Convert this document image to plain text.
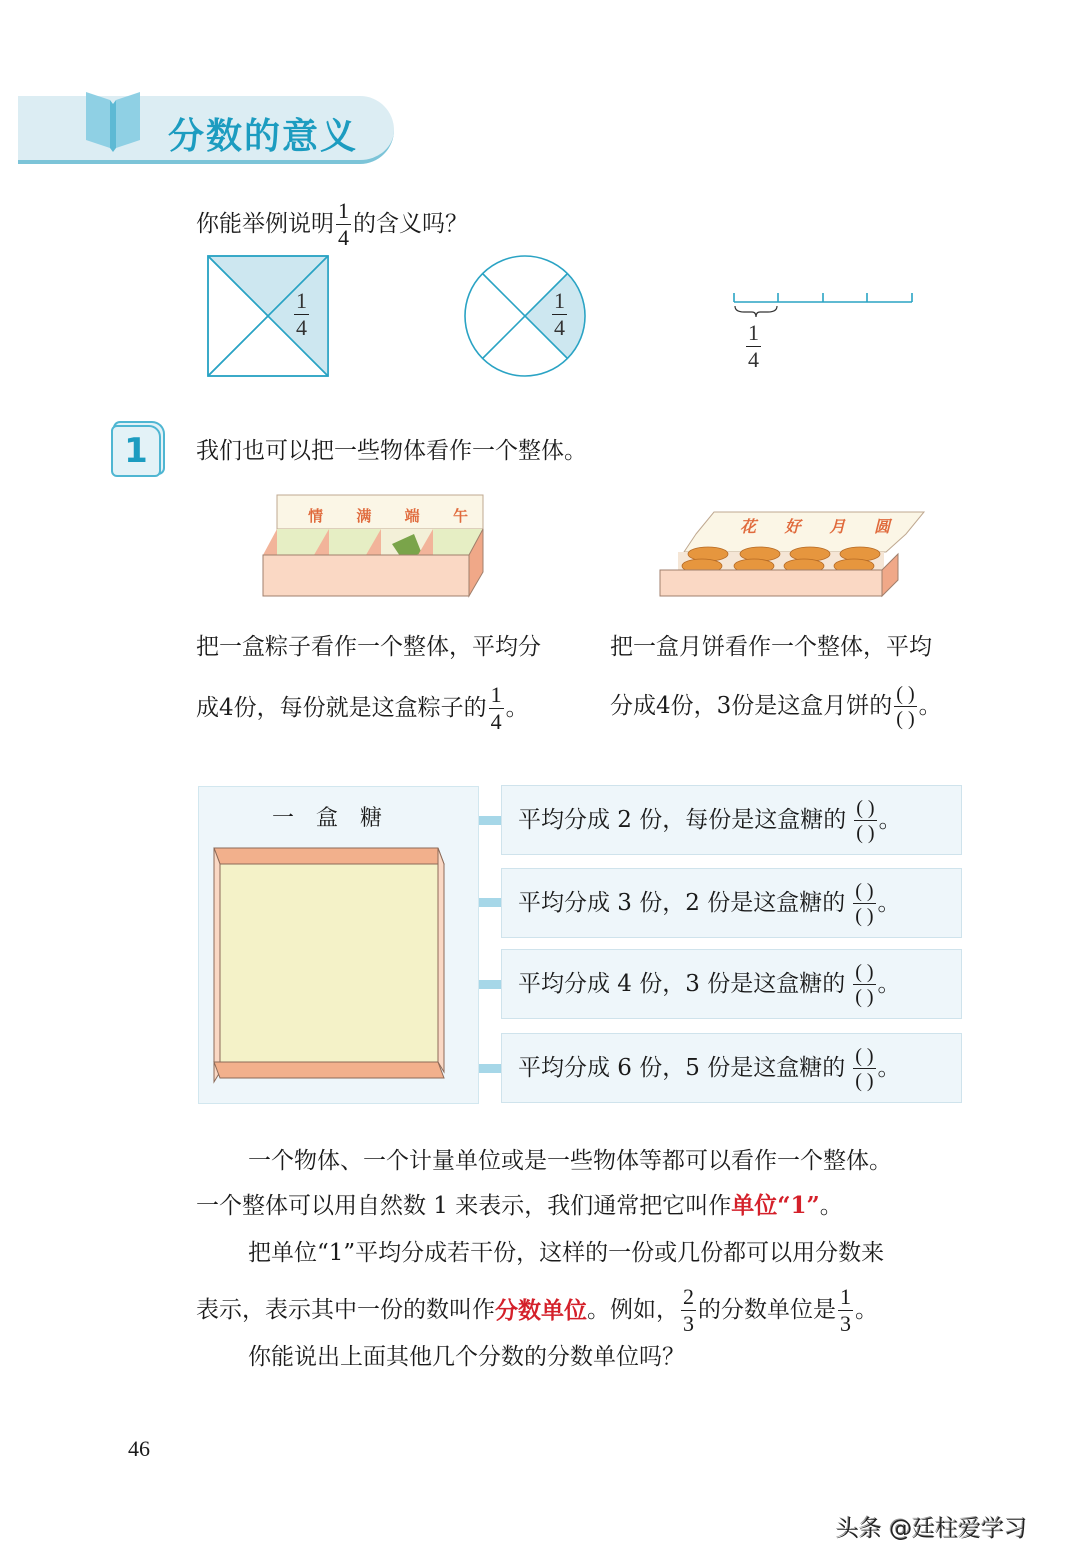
分数的意义
你能举例说明 $\frac{1}{4}$ 的含义吗？
1
4
1
4	1
4
1	我们也可以把一些物体看作一个整体。
情 满 端 午
花 好 月 圆
把一盒粽子看作一个整体，平均分
成4份，每份就是这盒粽子的 $\frac{1}{4}$ 。
把一盒月饼看作一个整体，平均
分成4份，3份是这盒月饼的 $\frac{( )}{( )}$ 。
一　盒　糖	平均分成 2 份，每份是这盒糖的 $\frac{( )}{( )}$ 。
平均分成 3 份，2 份是这盒糖的 $\frac{( )}{( )}$ 。
平均分成 4 份，3 份是这盒糖的 $\frac{( )}{( )}$ 。
平均分成 6 份，5 份是这盒糖的 $\frac{( )}{( )}$ 。
一个物体、一个计量单位或是一些物体等都可以看作一个整体。
一个整体可以用自然数 1 来表示，我们通常把它叫作单位“1”。
把单位“1”平均分成若干份，这样的一份或几份都可以用分数来
表示，表示其中一份的数叫作 分数单位 。例如， $\frac{2}{3}$ 的分数单位是 $\frac{1}{3}$ 。
你能说出上面其他几个分数的分数单位吗？
46
头条 @廷柱爱学习
